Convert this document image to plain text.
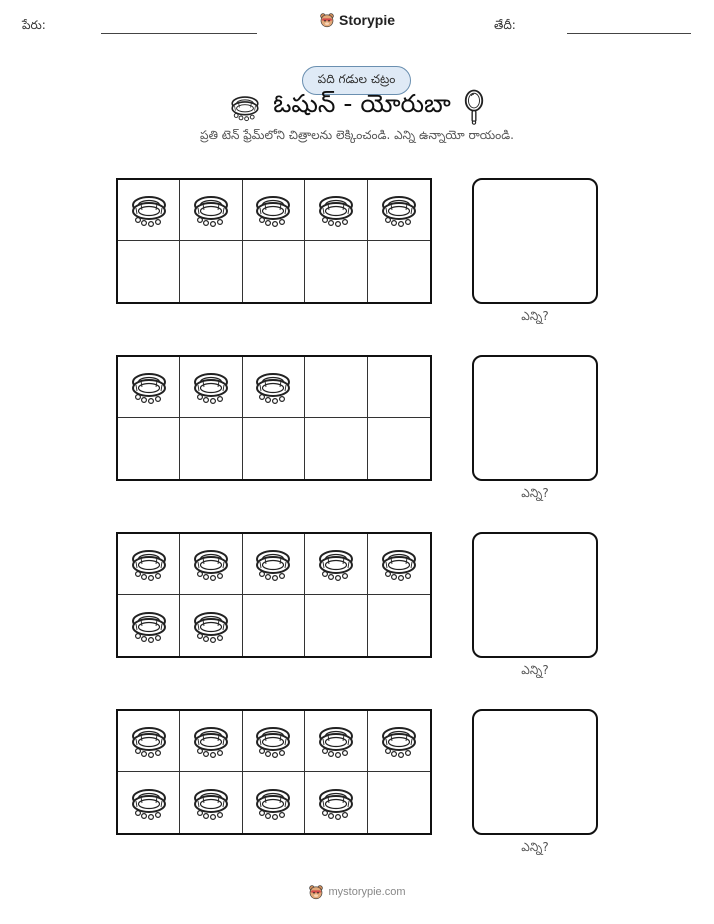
పేరు:	Storypie	తేదీ:
పది గడుల చట్రం
ఓషున్ - యోరుబా
ప్రతి టెన్ ఫ్రేమ్‌లోని చిత్రాలను లెక్కించండి. ఎన్ని ఉన్నాయో రాయండి.
ఎన్ని?
ఎన్ని?
ఎన్ని?
ఎన్ని?
mystorypie.com
